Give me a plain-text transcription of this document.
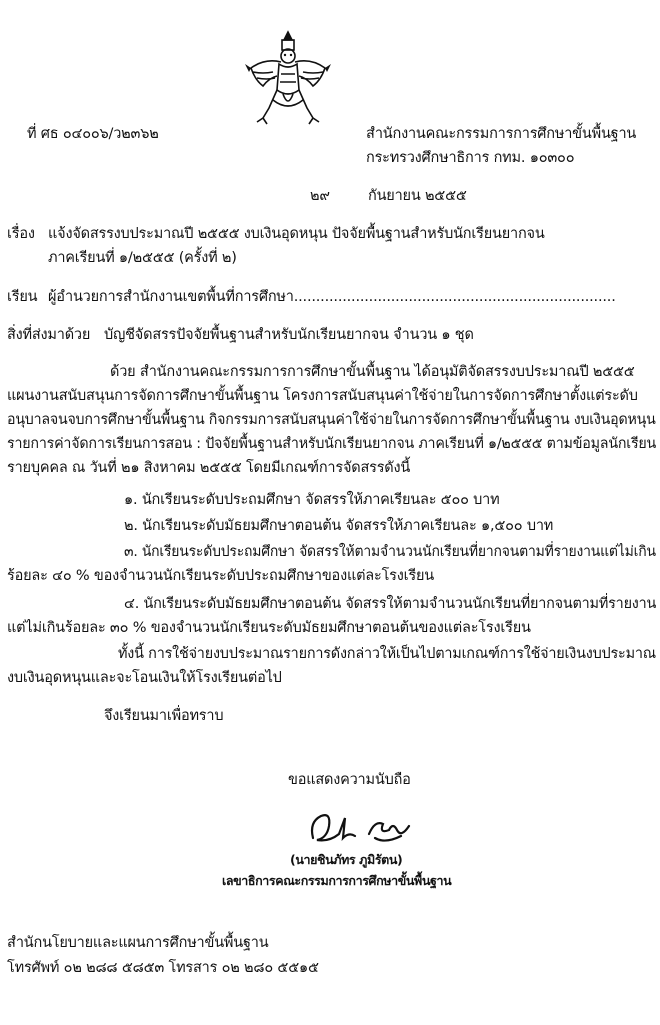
ที่ ศธ ๐๔๐๐๖/ว๒๓๖๒	สำนักงานคณะกรรมการการศึกษาขั้นพื้นฐาน
กระทรวงศึกษาธิการ กทม. ๑๐๓๐๐
๒๙	กันยายน ๒๕๕๕
เรื่อง แจ้งจัดสรรงบประมาณปี ๒๕๕๕ งบเงินอุดหนุน ปัจจัยพื้นฐานสำหรับนักเรียนยากจน
ภาคเรียนที่ ๑/๒๕๕๕ (ครั้งที่ ๒)
เรียน ผู้อำนวยการสำนักงานเขตพื้นที่การศึกษา.........................................................................
สิ่งที่ส่งมาด้วย บัญชีจัดสรรปัจจัยพื้นฐานสำหรับนักเรียนยากจน จำนวน ๑ ชุด
ด้วย สำนักงานคณะกรรมการการศึกษาขั้นพื้นฐาน ได้อนุมัติจัดสรรงบประมาณปี ๒๕๕๕
แผนงานสนับสนุนการจัดการศึกษาขั้นพื้นฐาน โครงการสนับสนุนค่าใช้จ่ายในการจัดการศึกษาตั้งแต่ระดับ
อนุบาลจนจบการศึกษาขั้นพื้นฐาน กิจกรรมการสนับสนุนค่าใช้จ่ายในการจัดการศึกษาขั้นพื้นฐาน งบเงินอุดหนุน
รายการค่าจัดการเรียนการสอน : ปัจจัยพื้นฐานสำหรับนักเรียนยากจน ภาคเรียนที่ ๑/๒๕๕๕ ตามข้อมูลนักเรียน
รายบุคคล ณ วันที่ ๒๑ สิงหาคม ๒๕๕๕ โดยมีเกณฑ์การจัดสรรดังนี้
๑. นักเรียนระดับประถมศึกษา จัดสรรให้ภาคเรียนละ ๕๐๐ บาท
๒. นักเรียนระดับมัธยมศึกษาตอนต้น จัดสรรให้ภาคเรียนละ ๑,๕๐๐ บาท
๓. นักเรียนระดับประถมศึกษา จัดสรรให้ตามจำนวนนักเรียนที่ยากจนตามที่รายงานแต่ไม่เกิน
ร้อยละ ๔๐ % ของจำนวนนักเรียนระดับประถมศึกษาของแต่ละโรงเรียน
๔. นักเรียนระดับมัธยมศึกษาตอนต้น จัดสรรให้ตามจำนวนนักเรียนที่ยากจนตามที่รายงาน
แต่ไม่เกินร้อยละ ๓๐ % ของจำนวนนักเรียนระดับมัธยมศึกษาตอนต้นของแต่ละโรงเรียน
ทั้งนี้ การใช้จ่ายงบประมาณรายการดังกล่าวให้เป็นไปตามเกณฑ์การใช้จ่ายเงินงบประมาณ
งบเงินอุดหนุนและจะโอนเงินให้โรงเรียนต่อไป
จึงเรียนมาเพื่อทราบ
ขอแสดงความนับถือ
(นายชินภัทร ภูมิรัตน)
เลขาธิการคณะกรรมการการศึกษาขั้นพื้นฐาน
สำนักนโยบายและแผนการศึกษาขั้นพื้นฐาน
โทรศัพท์ ๐๒ ๒๘๘ ๕๘๕๓ โทรสาร ๐๒ ๒๘๐ ๕๕๑๕
